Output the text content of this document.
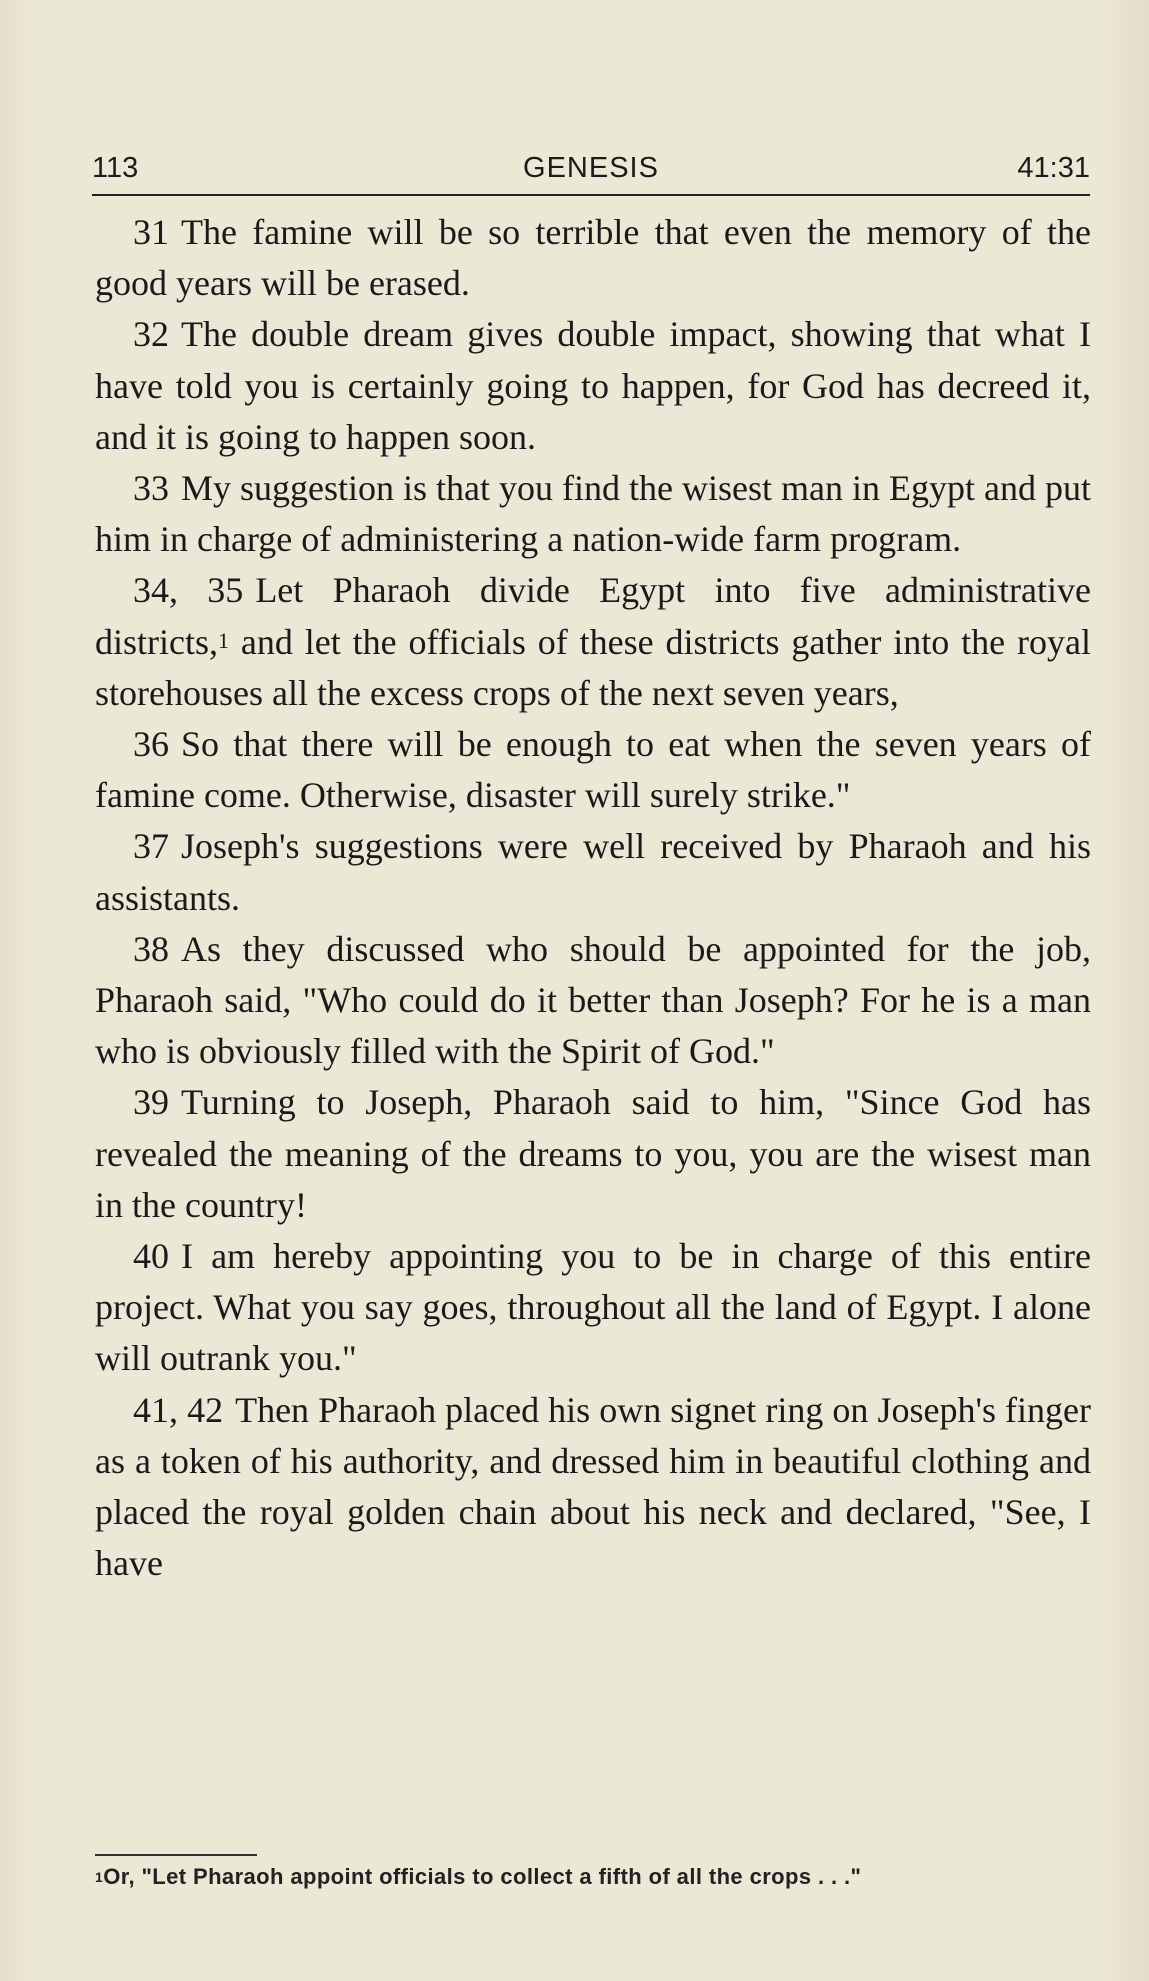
GENESIS
113	41:31

31 The famine will be so terrible that even the memory of the good years will be erased.

32 The double dream gives double impact, showing that what I have told you is certainly going to happen, for God has decreed it, and it is going to happen soon.

33 My suggestion is that you find the wisest man in Egypt and put him in charge of administering a nation-wide farm program.

34, 35 Let Pharaoh divide Egypt into five administrative districts,$^1$ and let the officials of these districts gather into the royal storehouses all the excess crops of the next seven years,

36 So that there will be enough to eat when the seven years of famine come. Otherwise, disaster will surely strike."

37 Joseph's suggestions were well received by Pharaoh and his assistants.

38 As they discussed who should be appointed for the job, Pharaoh said, "Who could do it better than Joseph? For he is a man who is obviously filled with the Spirit of God."

39 Turning to Joseph, Pharaoh said to him, "Since God has revealed the meaning of the dreams to you, you are the wisest man in the country!

40 I am hereby appointing you to be in charge of this entire project. What you say goes, throughout all the land of Egypt. I alone will outrank you."

41, 42 Then Pharaoh placed his own signet ring on Joseph's finger as a token of his authority, and dressed him in beautiful clothing and placed the royal golden chain about his neck and declared, "See, I have

$^1$Or, "Let Pharaoh appoint officials to collect a fifth of all the crops . . ."
